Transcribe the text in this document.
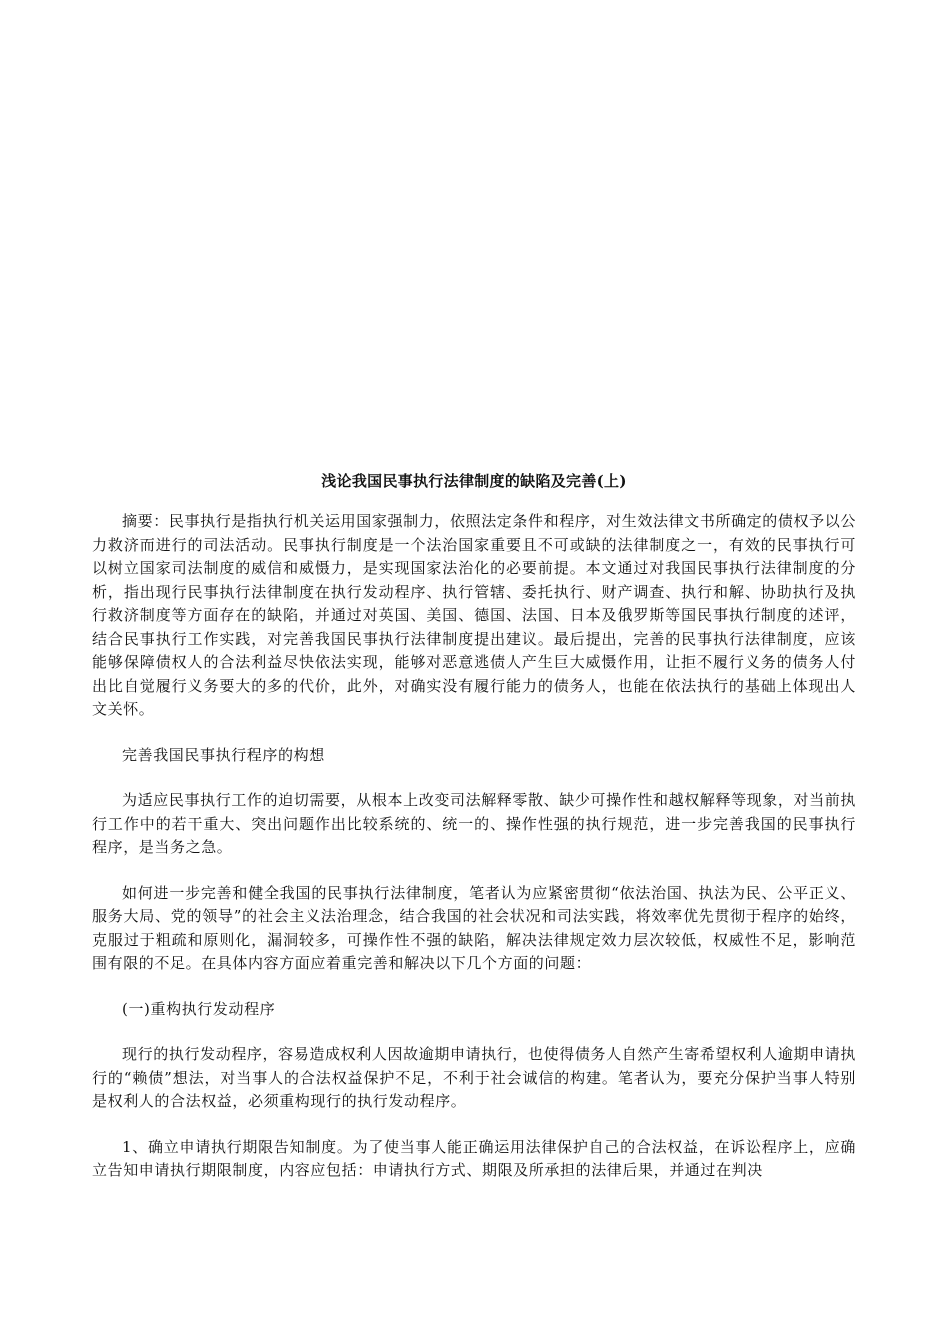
浅论我国民事执行法律制度的缺陷及完善(上)

摘要：民事执行是指执行机关运用国家强制力，依照法定条件和程序，对生效法律文书所确定的债权予以公力救济而进行的司法活动。民事执行制度是一个法治国家重要且不可或缺的法律制度之一，有效的民事执行可以树立国家司法制度的威信和威慑力，是实现国家法治化的必要前提。本文通过对我国民事执行法律制度的分析，指出现行民事执行法律制度在执行发动程序、执行管辖、委托执行、财产调查、执行和解、协助执行及执行救济制度等方面存在的缺陷，并通过对英国、美国、德国、法国、日本及俄罗斯等国民事执行制度的述评，结合民事执行工作实践，对完善我国民事执行法律制度提出建议。最后提出，完善的民事执行法律制度，应该能够保障债权人的合法利益尽快依法实现，能够对恶意逃债人产生巨大威慑作用，让拒不履行义务的债务人付出比自觉履行义务要大的多的代价，此外，对确实没有履行能力的债务人，也能在依法执行的基础上体现出人文关怀。

完善我国民事执行程序的构想

为适应民事执行工作的迫切需要，从根本上改变司法解释零散、缺少可操作性和越权解释等现象，对当前执行工作中的若干重大、突出问题作出比较系统的、统一的、操作性强的执行规范，进一步完善我国的民事执行程序，是当务之急。

如何进一步完善和健全我国的民事执行法律制度，笔者认为应紧密贯彻“依法治国、执法为民、公平正义、服务大局、党的领导”的社会主义法治理念，结合我国的社会状况和司法实践，将效率优先贯彻于程序的始终，克服过于粗疏和原则化，漏洞较多，可操作性不强的缺陷，解决法律规定效力层次较低，权威性不足，影响范围有限的不足。在具体内容方面应着重完善和解决以下几个方面的问题：

(一)重构执行发动程序

现行的执行发动程序，容易造成权利人因故逾期申请执行，也使得债务人自然产生寄希望权利人逾期申请执行的“赖债”想法，对当事人的合法权益保护不足，不利于社会诚信的构建。笔者认为，要充分保护当事人特别是权利人的合法权益，必须重构现行的执行发动程序。

1、确立申请执行期限告知制度。为了使当事人能正确运用法律保护自己的合法权益，在诉讼程序上，应确立告知申请执行期限制度，内容应包括：申请执行方式、期限及所承担的法律后果，并通过在判决
